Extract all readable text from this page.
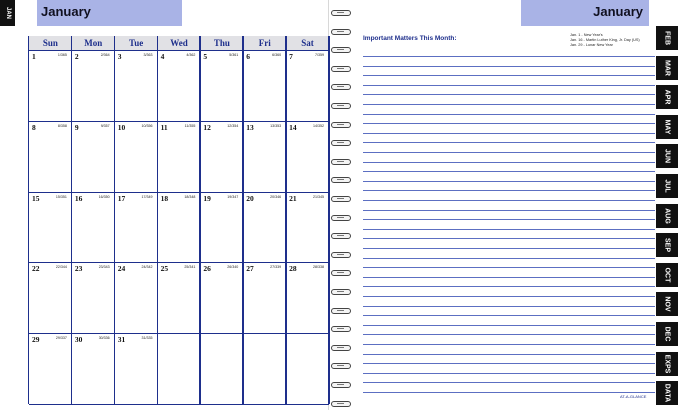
JAN January
Sun	Mon	Tue	Wed	Thu	Fri	Sat
1	1/365 2	2/364 3	3/363 4	4/362 5	5/361 6	6/360 7	7/359
8	8/358 9	9/357 10	10/356 11	11/355 12	12/354 13	13/353 14	14/352
15	15/351 16	16/350 17	17/349 18	18/348 19	19/347 20	20/346 21	21/345
22	22/344 23	23/343 24	24/342 25	25/341 26	26/340 27	27/339 28	28/338
29	29/337 30	30/336 31	31/335
January
Important Matters This Month:	Jan. 1 - New Year's
Jan. 16 - Martin Luther King, Jr. Day (US)
Jan. 29 - Lunar New Year
AT-A-GLANCE
FEB
MAR
APR
MAY
JUN
JUL
AUG
SEP
OCT
NOV
DEC
EXPS
DATA
